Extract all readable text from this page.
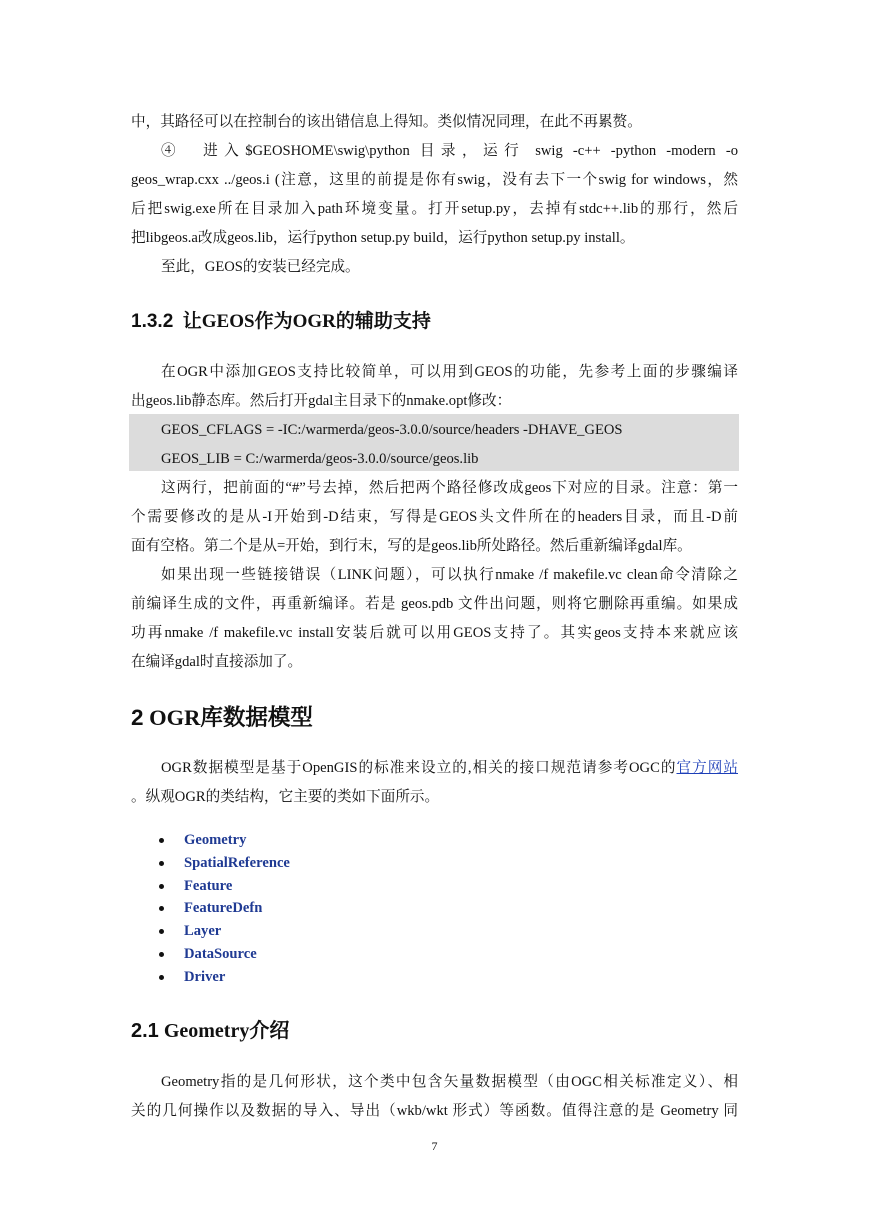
中，其路径可以在控制台的该出错信息上得知。类似情况同理，在此不再累赘。

④　进入$GEOSHOME\swig\python 目录，运行 swig -c++ -python -modern -o
geos_wrap.cxx ../geos.i (注意，这里的前提是你有swig，没有去下一个swig for windows，然
后把swig.exe所在目录加入path环境变量。打开setup.py，去掉有stdc++.lib的那行，然后
把libgeos.a改成geos.lib，运行python setup.py build，运行python setup.py install。

至此，GEOS的安装已经完成。

1.3.2 让GEOS作为OGR的辅助支持

在OGR中添加GEOS支持比较简单，可以用到GEOS的功能，先参考上面的步骤编译
出geos.lib静态库。然后打开gdal主目录下的nmake.opt修改：

GEOS_CFLAGS = -IC:/warmerda/geos-3.0.0/source/headers -DHAVE_GEOS
GEOS_LIB = C:/warmerda/geos-3.0.0/source/geos.lib

这两行，把前面的“#”号去掉，然后把两个路径修改成geos下对应的目录。注意：第一
个需要修改的是从-I开始到-D结束，写得是GEOS头文件所在的headers目录，而且-D前
面有空格。第二个是从=开始，到行末，写的是geos.lib所处路径。然后重新编译gdal库。

如果出现一些链接错误（LINK问题），可以执行nmake /f makefile.vc clean命令清除之
前编译生成的文件，再重新编译。若是 geos.pdb 文件出问题，则将它删除再重编。如果成
功再nmake /f makefile.vc install安装后就可以用GEOS支持了。其实geos支持本来就应该
在编译gdal时直接添加了。

2 OGR库数据模型

OGR数据模型是基于OpenGIS的标准来设立的,相关的接口规范请参考OGC的官方网站
。纵观OGR的类结构，它主要的类如下面所示。

Geometry
SpatialReference
Feature
FeatureDefn
Layer
DataSource
Driver
2.1 Geometry介绍

Geometry指的是几何形状，这个类中包含矢量数据模型（由OGC相关标准定义）、相
关的几何操作以及数据的导入、导出（wkb/wkt 形式）等函数。值得注意的是 Geometry 同

7
